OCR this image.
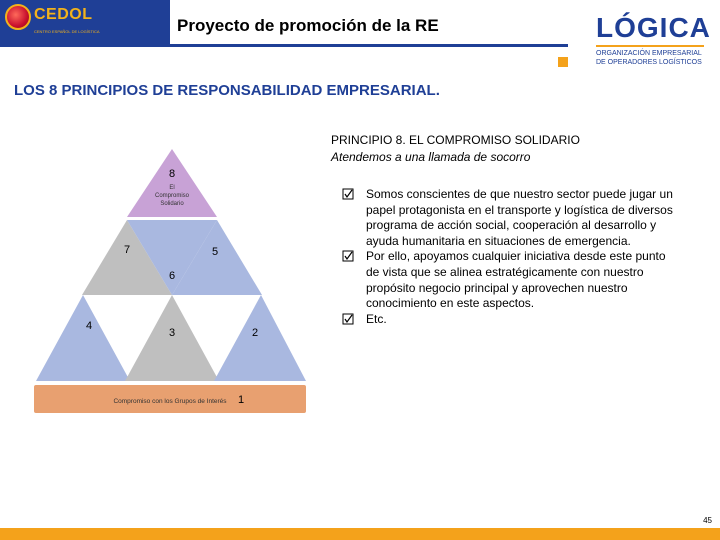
CEDOL
CENTRO ESPAÑOL DE LOGÍSTICA	Proyecto de promoción de la RE	LÓGICA
ORGANIZACIÓN EMPRESARIAL
DE OPERADORES LOGÍSTICOS
LOS 8 PRINCIPIOS DE RESPONSABILIDAD EMPRESARIAL.
8
El
Compromiso
Solidario
7
6
5
4
3	2
Compromiso con los Grupos de Interés 1
PRINCIPIO 8. EL COMPROMISO SOLIDARIO
Atendemos a una llamada de socorro
Somos conscientes de que nuestro sector puede jugar un papel protagonista en el transporte y logística de diversos programa de acción social, cooperación al desarrollo y ayuda humanitaria en situaciones de emergencia.
Por ello, apoyamos cualquier iniciativa desde este punto de vista que se alinea estratégicamente con nuestro propósito negocio principal y aprovechen nuestro conocimiento en este aspectos.
Etc.
45
